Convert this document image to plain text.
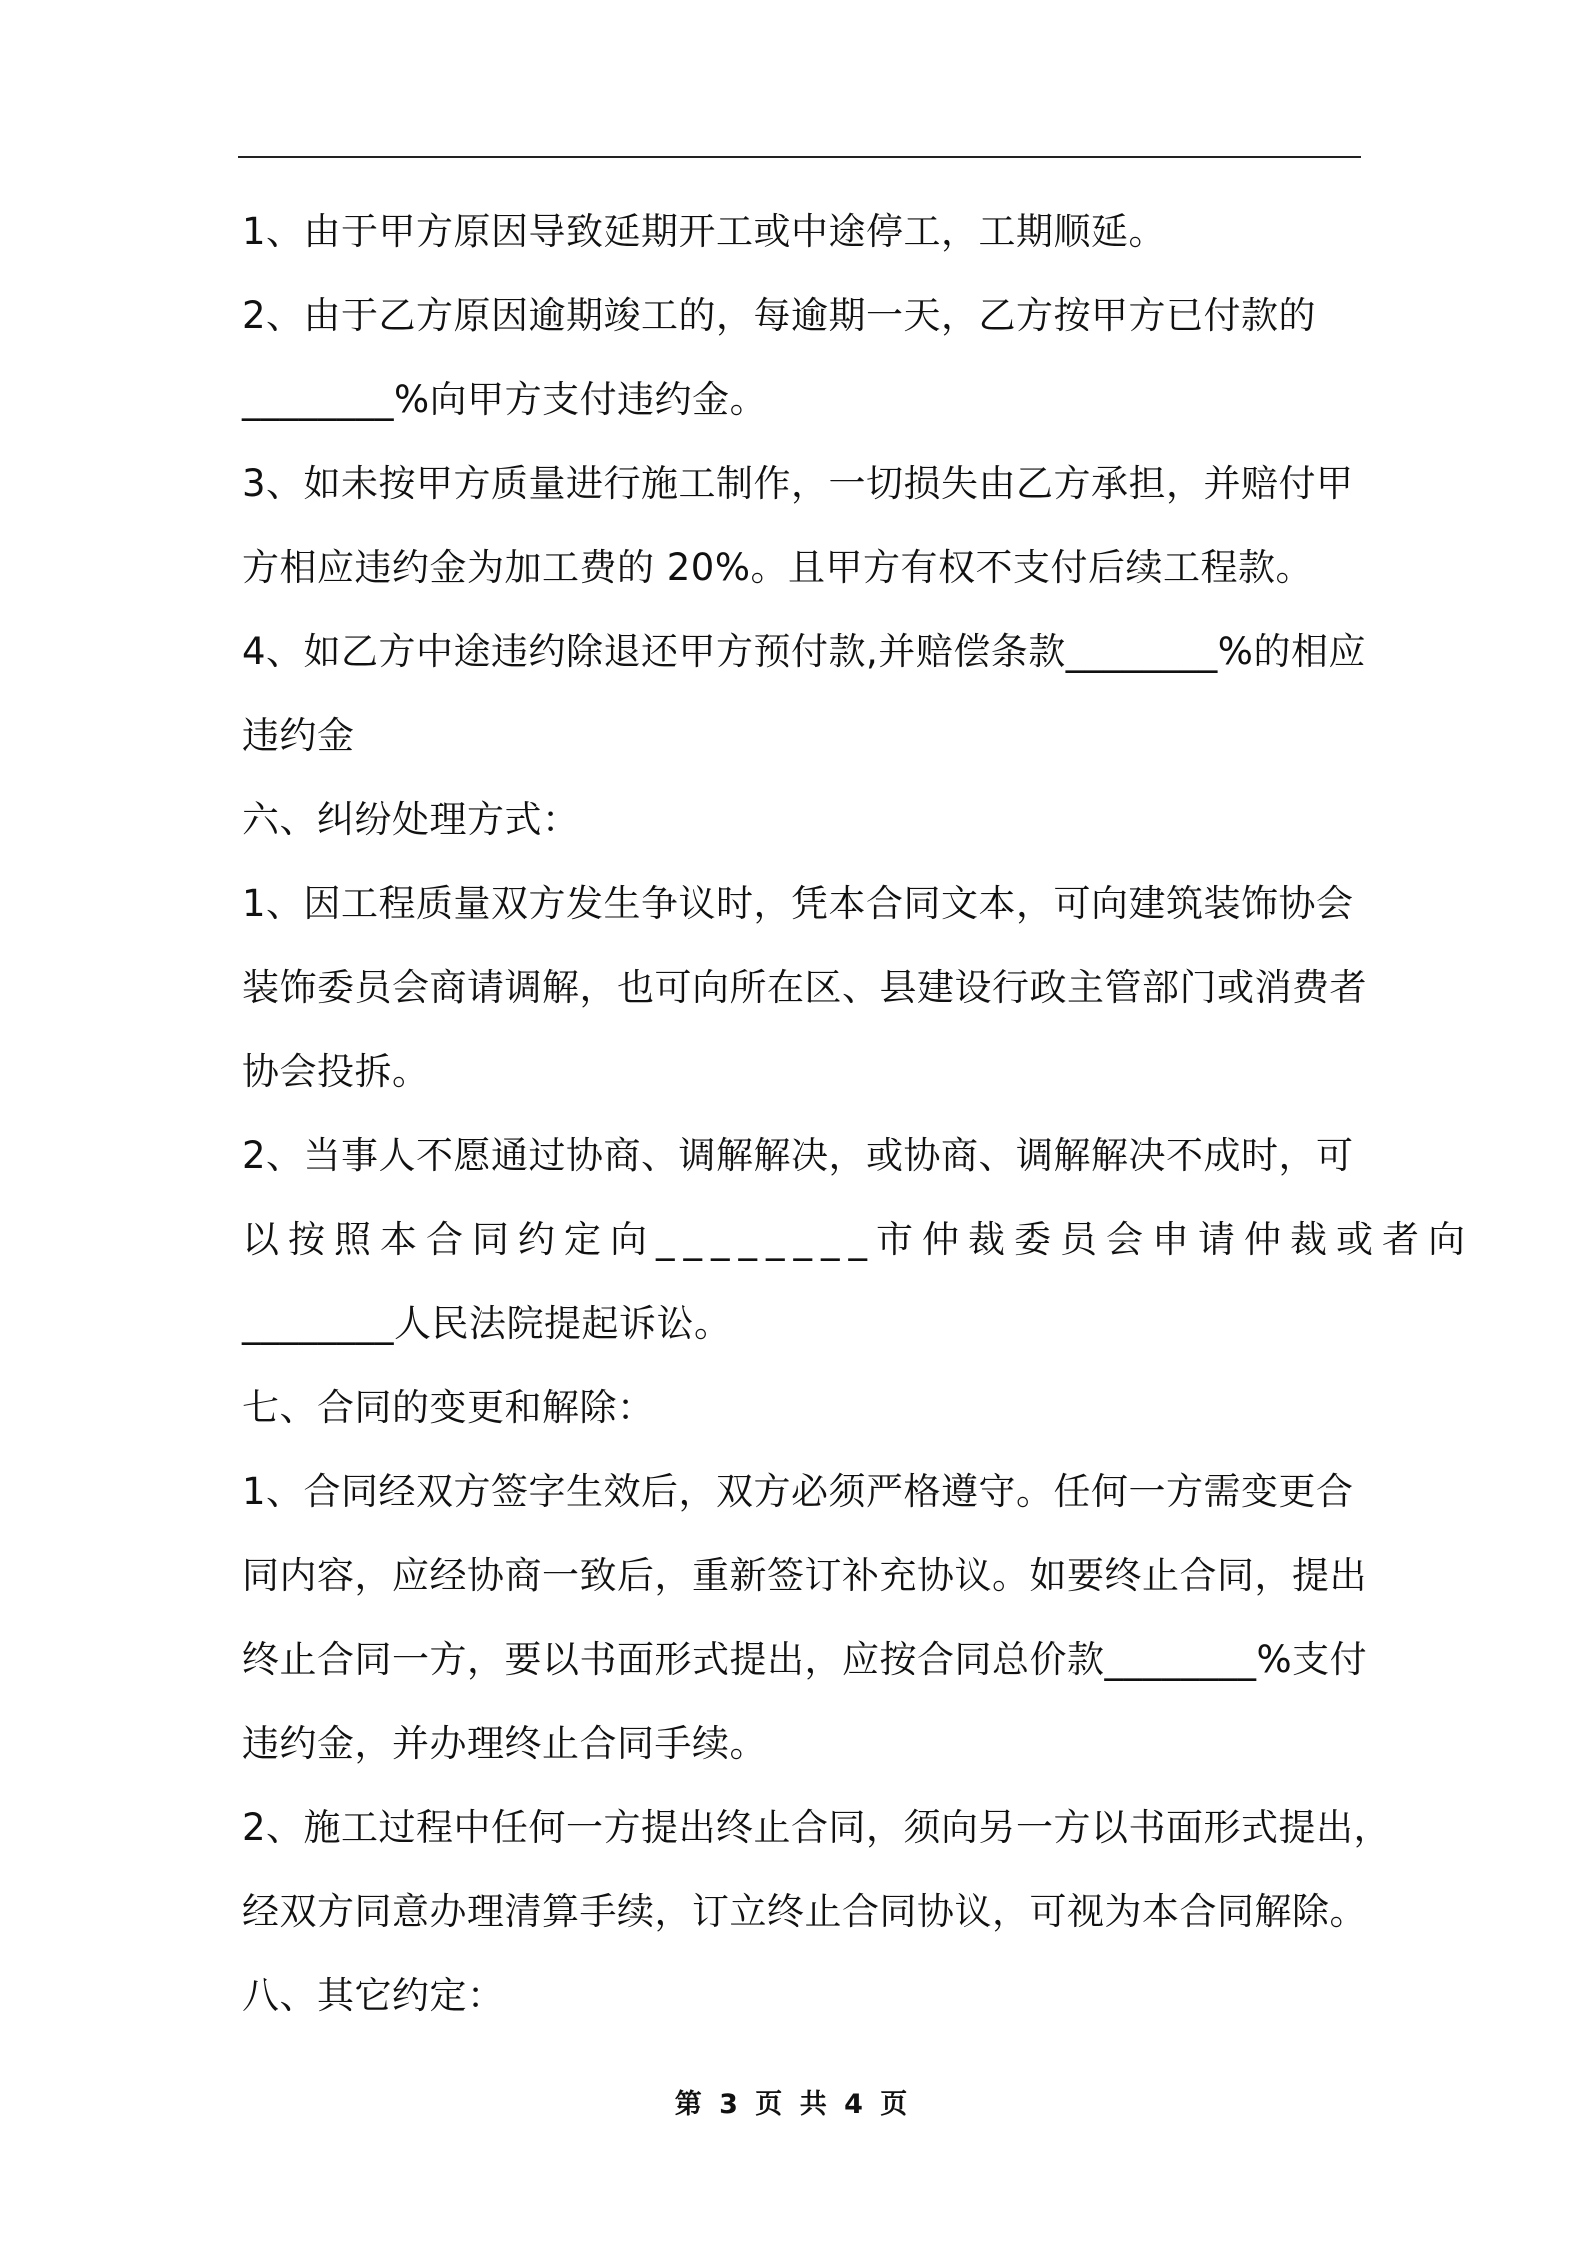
1、由于甲方原因导致延期开工或中途停工，工期顺延。
2、由于乙方原因逾期竣工的，每逾期一天，乙方按甲方已付款的
________%向甲方支付违约金。
3、如未按甲方质量进行施工制作，一切损失由乙方承担，并赔付甲
方相应违约金为加工费的 20%。且甲方有权不支付后续工程款。
4、如乙方中途违约除退还甲方预付款,并赔偿条款________%的相应
违约金
六、纠纷处理方式：
1、因工程质量双方发生争议时，凭本合同文本，可向建筑装饰协会
装饰委员会商请调解，也可向所在区、县建设行政主管部门或消费者
协会投拆。
2、当事人不愿通过协商、调解解决，或协商、调解解决不成时，可
以按照本合同约定向________市仲裁委员会申请仲裁或者向
________人民法院提起诉讼。
七、合同的变更和解除：
1、合同经双方签字生效后，双方必须严格遵守。任何一方需变更合
同内容，应经协商一致后，重新签订补充协议。如要终止合同，提出
终止合同一方，要以书面形式提出，应按合同总价款________%支付
违约金，并办理终止合同手续。
2、施工过程中任何一方提出终止合同，须向另一方以书面形式提出，
经双方同意办理清算手续，订立终止合同协议，可视为本合同解除。
八、其它约定：
第 3 页 共 4 页
